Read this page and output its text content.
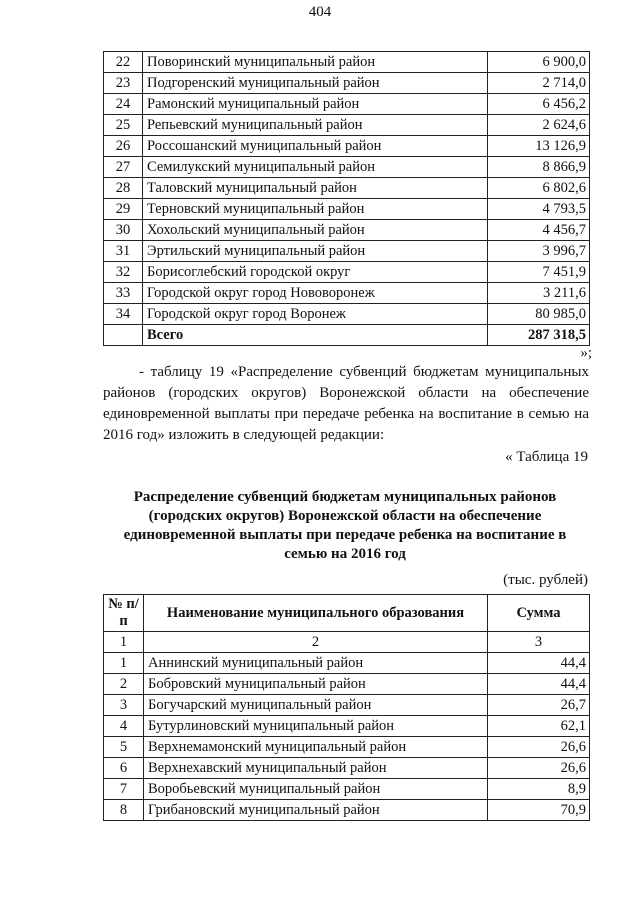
404
22	Поворинский муниципальный район	6 900,0
23	Подгоренский муниципальный район	2 714,0
24	Рамонский муниципальный район	6 456,2
25	Репьевский муниципальный район	2 624,6
26	Россошанский муниципальный район	13 126,9
27	Семилукский муниципальный район	8 866,9
28	Таловский муниципальный район	6 802,6
29	Терновский муниципальный район	4 793,5
30	Хохольский муниципальный район	4 456,7
31	Эртильский муниципальный район	3 996,7
32	Борисоглебский городской округ	7 451,9
33	Городской округ город Нововоронеж	3 211,6
34	Городской округ город Воронеж	80 985,0
	Всего	287 318,5
»;
- таблицу 19 «Распределение субвенций бюджетам муниципальных районов (городских округов) Воронежской области на обеспечение единовременной выплаты при передаче ребенка на воспитание в семью на 2016 год» изложить в следующей редакции:
« Таблица 19
Распределение субвенций бюджетам муниципальных районов (городских округов) Воронежской области на обеспечение единовременной выплаты при передаче ребенка на воспитание в семью на 2016 год
(тыс. рублей)
№ п/п	Наименование муниципального образования	Сумма
1	2	3
1	Аннинский муниципальный район	44,4
2	Бобровский муниципальный район	44,4
3	Богучарский муниципальный район	26,7
4	Бутурлиновский муниципальный район	62,1
5	Верхнемамонский муниципальный район	26,6
6	Верхнехавский муниципальный район	26,6
7	Воробьевский муниципальный район	8,9
8	Грибановский муниципальный район	70,9
